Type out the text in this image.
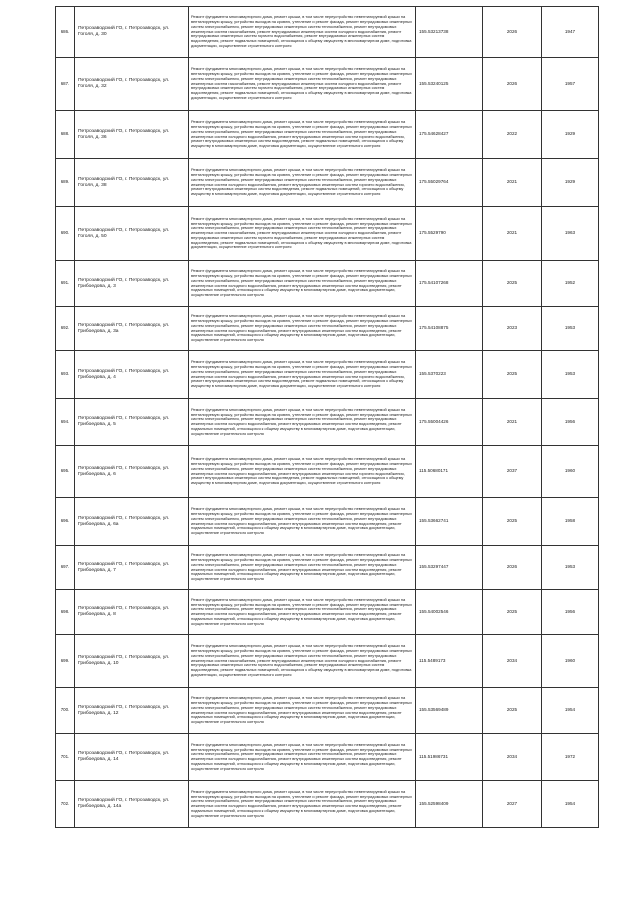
686.	Петрозаводский ГО, г. Петрозаводск, ул. Гоголя, д. 30	Ремонт фундамента многоквартирного дома, ремонт крыши, в том числе переустройство невентилируемой крыши на вентилируемую крышу, устройство выходов на кровлю, утепление и ремонт фасада, ремонт внутридомовых инженерных систем электроснабжения, ремонт внутридомовых инженерных систем теплоснабжения, ремонт внутридомовых инженерных систем газоснабжения, ремонт внутридомовых инженерных систем холодного водоснабжения, ремонт внутридомовых инженерных систем горячего водоснабжения, ремонт внутридомовых инженерных систем водоотведения, ремонт подвальных помещений, относящихся к общему имуществу в многоквартирном доме, подготовка документации, осуществление строительного контроля	155.53213738	2026	1947
687.	Петрозаводский ГО, г. Петрозаводск, ул. Гоголя, д. 32	Ремонт фундамента многоквартирного дома, ремонт крыши, в том числе переустройство невентилируемой крыши на вентилируемую крышу, устройство выходов на кровлю, утепление и ремонт фасада, ремонт внутридомовых инженерных систем электроснабжения, ремонт внутридомовых инженерных систем теплоснабжения, ремонт внутридомовых инженерных систем газоснабжения, ремонт внутридомовых инженерных систем холодного водоснабжения, ремонт внутридомовых инженерных систем горячего водоснабжения, ремонт внутридомовых инженерных систем водоотведения, ремонт подвальных помещений, относящихся к общему имуществу в многоквартирном доме, подготовка документации, осуществление строительного контроля	155.53240125	2026	1957
688.	Петрозаводский ГО, г. Петрозаводск, ул. Гоголя, д. 36	Ремонт фундамента многоквартирного дома, ремонт крыши, в том числе переустройство невентилируемой крыши на вентилируемую крышу, устройство выходов на кровлю, утепление и ремонт фасада, ремонт внутридомовых инженерных систем электроснабжения, ремонт внутридомовых инженерных систем теплоснабжения, ремонт внутридомовых инженерных систем холодного водоснабжения, ремонт внутридомовых инженерных систем горячего водоснабжения, ремонт внутридомовых инженерных систем водоотведения, ремонт подвальных помещений, относящихся к общему имуществу в многоквартирном доме, подготовка документации, осуществление строительного контроля	175.54628427	2022	1929
689.	Петрозаводский ГО, г. Петрозаводск, ул. Гоголя, д. 38	Ремонт фундамента многоквартирного дома, ремонт крыши, в том числе переустройство невентилируемой крыши на вентилируемую крышу, устройство выходов на кровлю, утепление и ремонт фасада, ремонт внутридомовых инженерных систем электроснабжения, ремонт внутридомовых инженерных систем теплоснабжения, ремонт внутридомовых инженерных систем холодного водоснабжения, ремонт внутридомовых инженерных систем горячего водоснабжения, ремонт внутридомовых инженерных систем водоотведения, ремонт подвальных помещений, относящихся к общему имуществу в многоквартирном доме, подготовка документации, осуществление строительного контроля	175.55029764	2021	1929
690.	Петрозаводский ГО, г. Петрозаводск, ул. Гоголя, д. 50	Ремонт фундамента многоквартирного дома, ремонт крыши, в том числе переустройство невентилируемой крыши на вентилируемую крышу, устройство выходов на кровлю, утепление и ремонт фасада, ремонт внутридомовых инженерных систем электроснабжения, ремонт внутридомовых инженерных систем теплоснабжения, ремонт внутридомовых инженерных систем газоснабжения, ремонт внутридомовых инженерных систем холодного водоснабжения, ремонт внутридомовых инженерных систем горячего водоснабжения, ремонт внутридомовых инженерных систем водоотведения, ремонт подвальных помещений, относящихся к общему имуществу в многоквартирном доме, подготовка документации, осуществление строительного контроля	175.5529790	2021	1963
691.	Петрозаводский ГО, г. Петрозаводск, ул. Грибоедова, д. 3	Ремонт фундамента многоквартирного дома, ремонт крыши, в том числе переустройство невентилируемой крыши на вентилируемую крышу, устройство выходов на кровлю, утепление и ремонт фасада, ремонт внутридомовых инженерных систем электроснабжения, ремонт внутридомовых инженерных систем теплоснабжения, ремонт внутридомовых инженерных систем холодного водоснабжения, ремонт внутридомовых инженерных систем водоотведения, ремонт подвальных помещений, относящихся к общему имуществу в многоквартирном доме, подготовка документации, осуществление строительного контроля	175.54107268	2025	1952
692.	Петрозаводский ГО, г. Петрозаводск, ул. Грибоедова, д. 3а	Ремонт фундамента многоквартирного дома, ремонт крыши, в том числе переустройство невентилируемой крыши на вентилируемую крышу, устройство выходов на кровлю, утепление и ремонт фасада, ремонт внутридомовых инженерных систем электроснабжения, ремонт внутридомовых инженерных систем теплоснабжения, ремонт внутридомовых инженерных систем холодного водоснабжения, ремонт внутридомовых инженерных систем водоотведения, ремонт подвальных помещений, относящихся к общему имуществу в многоквартирном доме, подготовка документации, осуществление строительного контроля	175.54108875	2023	1953
693.	Петрозаводский ГО, г. Петрозаводск, ул. Грибоедова, д. 4	Ремонт фундамента многоквартирного дома, ремонт крыши, в том числе переустройство невентилируемой крыши на вентилируемую крышу, устройство выходов на кровлю, утепление и ремонт фасада, ремонт внутридомовых инженерных систем электроснабжения, ремонт внутридомовых инженерных систем теплоснабжения, ремонт внутридомовых инженерных систем холодного водоснабжения, ремонт внутридомовых инженерных систем горячего водоснабжения, ремонт внутридомовых инженерных систем водоотведения, ремонт подвальных помещений, относящихся к общему имуществу в многоквартирном доме, подготовка документации, осуществление строительного контроля	155.5370223	2025	1953
694.	Петрозаводский ГО, г. Петрозаводск, ул. Грибоедова, д. 5	Ремонт фундамента многоквартирного дома, ремонт крыши, в том числе переустройство невентилируемой крыши на вентилируемую крышу, устройство выходов на кровлю, утепление и ремонт фасада, ремонт внутридомовых инженерных систем электроснабжения, ремонт внутридомовых инженерных систем теплоснабжения, ремонт внутридомовых инженерных систем холодного водоснабжения, ремонт внутридомовых инженерных систем водоотведения, ремонт подвальных помещений, относящихся к общему имуществу в многоквартирном доме, подготовка документации, осуществление строительного контроля	175.55004426	2021	1956
695.	Петрозаводский ГО, г. Петрозаводск, ул. Грибоедова, д. 6	Ремонт фундамента многоквартирного дома, ремонт крыши, в том числе переустройство невентилируемой крыши на вентилируемую крышу, устройство выходов на кровлю, утепление и ремонт фасада, ремонт внутридомовых инженерных систем электроснабжения, ремонт внутридомовых инженерных систем теплоснабжения, ремонт внутридомовых инженерных систем холодного водоснабжения, ремонт внутридомовых инженерных систем горячего водоснабжения, ремонт внутридомовых инженерных систем водоотведения, ремонт подвальных помещений, относящихся к общему имуществу в многоквартирном доме, подготовка документации, осуществление строительного контроля	115.50680171	2037	1960
696.	Петрозаводский ГО, г. Петрозаводск, ул. Грибоедова, д. 6а	Ремонт фундамента многоквартирного дома, ремонт крыши, в том числе переустройство невентилируемой крыши на вентилируемую крышу, устройство выходов на кровлю, утепление и ремонт фасада, ремонт внутридомовых инженерных систем электроснабжения, ремонт внутридомовых инженерных систем теплоснабжения, ремонт внутридомовых инженерных систем холодного водоснабжения, ремонт внутридомовых инженерных систем водоотведения, ремонт подвальных помещений, относящихся к общему имуществу в многоквартирном доме, подготовка документации, осуществление строительного контроля	155.53662741	2025	1958
697.	Петрозаводский ГО, г. Петрозаводск, ул. Грибоедова, д. 7	Ремонт фундамента многоквартирного дома, ремонт крыши, в том числе переустройство невентилируемой крыши на вентилируемую крышу, устройство выходов на кровлю, утепление и ремонт фасада, ремонт внутридомовых инженерных систем электроснабжения, ремонт внутридомовых инженерных систем теплоснабжения, ремонт внутридомовых инженерных систем холодного водоснабжения, ремонт внутридомовых инженерных систем водоотведения, ремонт подвальных помещений, относящихся к общему имуществу в многоквартирном доме, подготовка документации, осуществление строительного контроля	155.53297447	2026	1953
698.	Петрозаводский ГО, г. Петрозаводск, ул. Грибоедова, д. 8	Ремонт фундамента многоквартирного дома, ремонт крыши, в том числе переустройство невентилируемой крыши на вентилируемую крышу, устройство выходов на кровлю, утепление и ремонт фасада, ремонт внутридомовых инженерных систем электроснабжения, ремонт внутридомовых инженерных систем теплоснабжения, ремонт внутридомовых инженерных систем холодного водоснабжения, ремонт внутридомовых инженерных систем водоотведения, ремонт подвальных помещений, относящихся к общему имуществу в многоквартирном доме, подготовка документации, осуществление строительного контроля	155.54002546	2025	1956
699.	Петрозаводский ГО, г. Петрозаводск, ул. Грибоедова, д. 10	Ремонт фундамента многоквартирного дома, ремонт крыши, в том числе переустройство невентилируемой крыши на вентилируемую крышу, устройство выходов на кровлю, утепление и ремонт фасада, ремонт внутридомовых инженерных систем электроснабжения, ремонт внутридомовых инженерных систем теплоснабжения, ремонт внутридомовых инженерных систем газоснабжения, ремонт внутридомовых инженерных систем холодного водоснабжения, ремонт внутридомовых инженерных систем горячего водоснабжения, ремонт внутридомовых инженерных систем водоотведения, ремонт подвальных помещений, относящихся к общему имуществу в многоквартирном доме, подготовка документации, осуществление строительного контроля	115.5489173	2034	1960
700.	Петрозаводский ГО, г. Петрозаводск, ул. Грибоедова, д. 12	Ремонт фундамента многоквартирного дома, ремонт крыши, в том числе переустройство невентилируемой крыши на вентилируемую крышу, устройство выходов на кровлю, утепление и ремонт фасада, ремонт внутридомовых инженерных систем электроснабжения, ремонт внутридомовых инженерных систем теплоснабжения, ремонт внутридомовых инженерных систем холодного водоснабжения, ремонт внутридомовых инженерных систем водоотведения, ремонт подвальных помещений, относящихся к общему имуществу в многоквартирном доме, подготовка документации, осуществление строительного контроля	155.53569489	2025	1954
701.	Петрозаводский ГО, г. Петрозаводск, ул. Грибоедова, д. 14	Ремонт фундамента многоквартирного дома, ремонт крыши, в том числе переустройство невентилируемой крыши на вентилируемую крышу, устройство выходов на кровлю, утепление и ремонт фасада, ремонт внутридомовых инженерных систем электроснабжения, ремонт внутридомовых инженерных систем теплоснабжения, ремонт внутридомовых инженерных систем холодного водоснабжения, ремонт внутридомовых инженерных систем водоотведения, ремонт подвальных помещений, относящихся к общему имуществу в многоквартирном доме, подготовка документации, осуществление строительного контроля	115.51986731	2034	1972
702.	Петрозаводский ГО, г. Петрозаводск, ул. Грибоедова, д. 14а	Ремонт фундамента многоквартирного дома, ремонт крыши, в том числе переустройство невентилируемой крыши на вентилируемую крышу, устройство выходов на кровлю, утепление и ремонт фасада, ремонт внутридомовых инженерных систем электроснабжения, ремонт внутридомовых инженерных систем теплоснабжения, ремонт внутридомовых инженерных систем холодного водоснабжения, ремонт внутридомовых инженерных систем водоотведения, ремонт подвальных помещений, относящихся к общему имуществу в многоквартирном доме, подготовка документации, осуществление строительного контроля	155.52598409	2027	1954
